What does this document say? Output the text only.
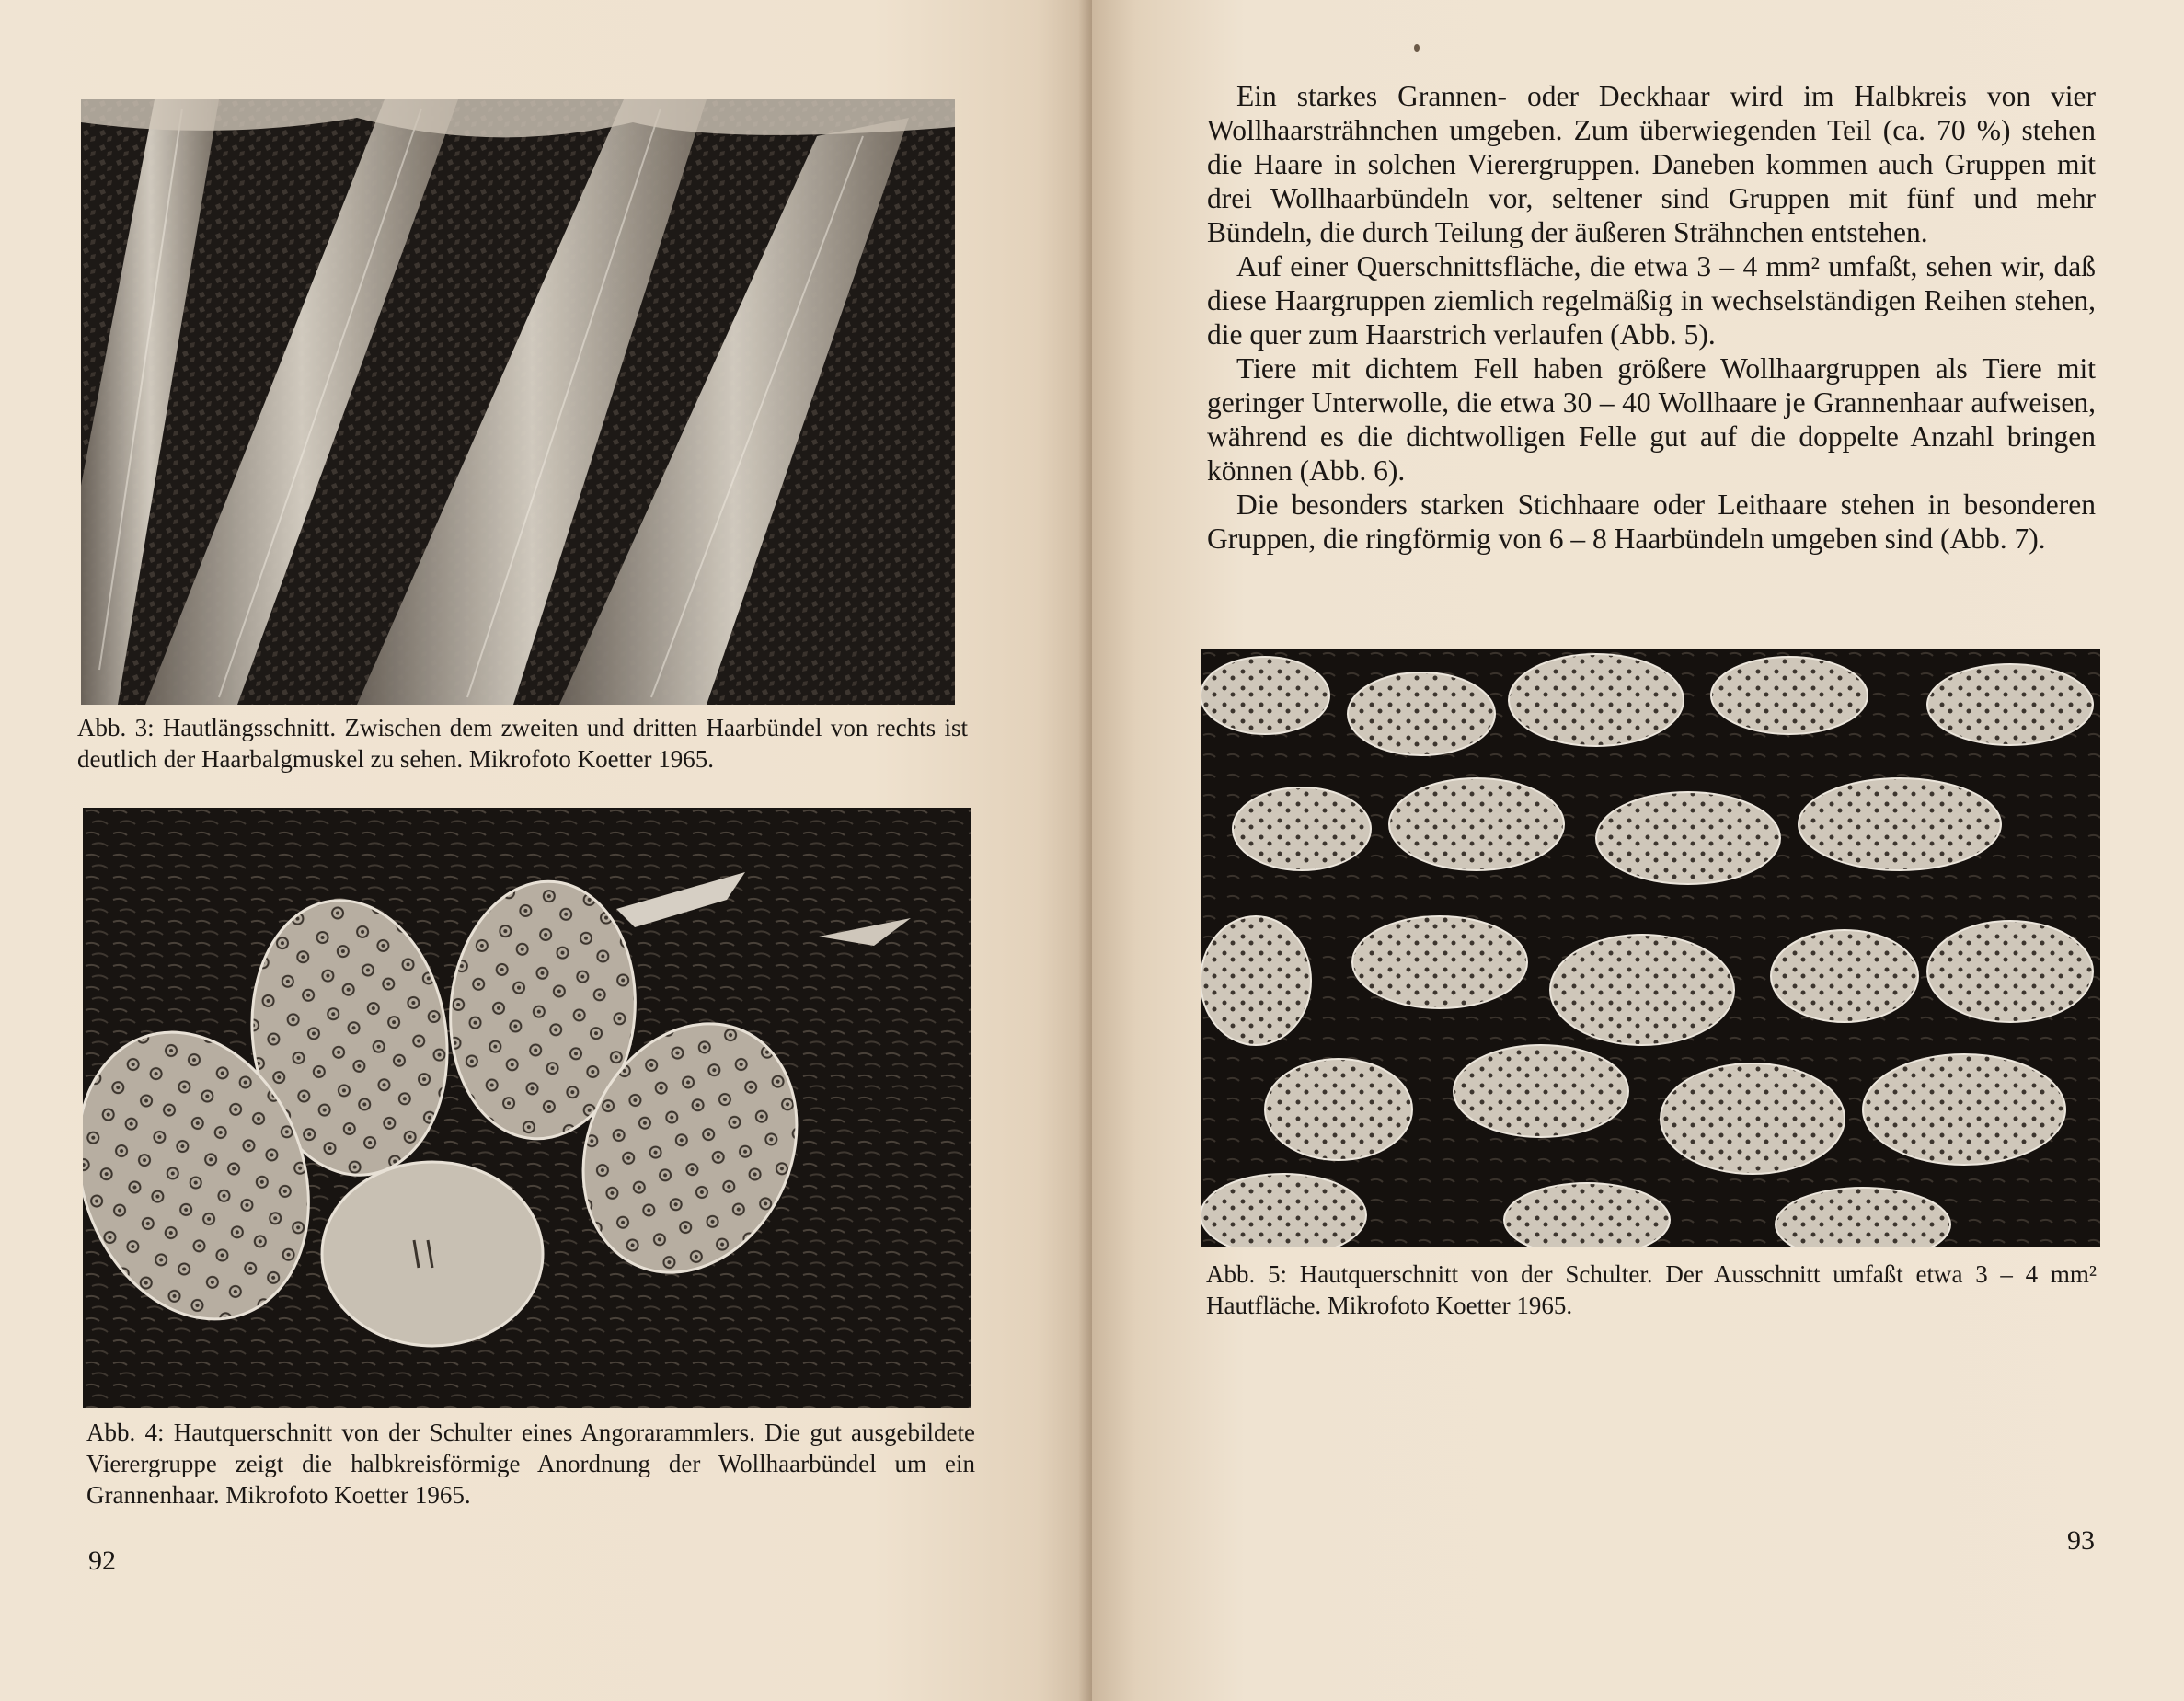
Abb. 3: Hautlängsschnitt. Zwischen dem zweiten und dritten Haarbündel von rechts ist deutlich der Haarbalgmuskel zu sehen. Mikrofoto Koetter 1965.
Abb. 4: Hautquerschnitt von der Schulter eines Angorarammlers. Die gut ausgebildete Vierergruppe zeigt die halbkreisförmige Anordnung der Wollhaarbündel um ein Grannenhaar. Mikrofoto Koetter 1965.
92
Abb. 5: Hautquerschnitt von der Schulter. Der Ausschnitt umfaßt etwa 3 – 4 mm² Hautfläche. Mikrofoto Koetter 1965.
93

Ein starkes Grannen- oder Deckhaar wird im Halbkreis von vier Wollhaarsträhnchen umgeben. Zum überwiegenden Teil (ca. 70 %) stehen die Haare in solchen Vierergruppen. Daneben kommen auch Gruppen mit drei Wollhaarbündeln vor, seltener sind Gruppen mit fünf und mehr Bündeln, die durch Teilung der äußeren Strähnchen entstehen.

Auf einer Querschnittsfläche, die etwa 3 – 4 mm² umfaßt, sehen wir, daß diese Haargruppen ziemlich regelmäßig in wechselständigen Reihen stehen, die quer zum Haarstrich verlaufen (Abb. 5).

Tiere mit dichtem Fell haben größere Wollhaargruppen als Tiere mit geringer Unterwolle, die etwa 30 – 40 Wollhaare je Grannenhaar aufweisen, während es die dichtwolligen Felle gut auf die doppelte Anzahl bringen können (Abb. 6).

Die besonders starken Stichhaare oder Leithaare stehen in besonderen Gruppen, die ringförmig von 6 – 8 Haarbündeln umgeben sind (Abb. 7).
